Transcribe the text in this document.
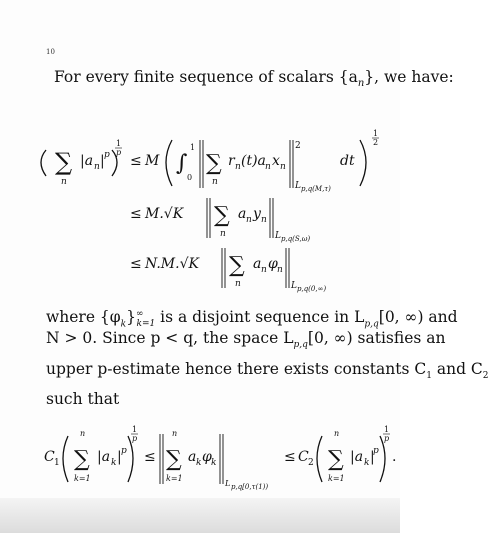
10
For every finite sequence of scalars $\{a_n\}$, we have:
∑
n
|a n | p
1
p
≤ M ∫
1
0
∑
n
r n (t)a n x n
2
L p,q(M,τ)
dt
1
2
≤ M.√K ∑
n
a n y n
L p,q(S,ω)
≤ N.M.√K ∑
n
a n φ n
L p,q(0,∞)
C 1
n
∑
k=1
|a k | p
1
p
≤
n
∑
k=1
a k φ k
L p,q[0,τ(1))
≤ C 2
n
∑
k=1
|a k |
p
1
p
.
where $\{\varphi_k\}^\infty_{k=1}$ is a disjoint sequence in $L_{p,q}[0$, ∞) and
N > 0. Since p < q, the space $L_{p,q}[0$, ∞) satisfies an
upper p-estimate hence there exists constants $C_1$ and $C_2$
such that
